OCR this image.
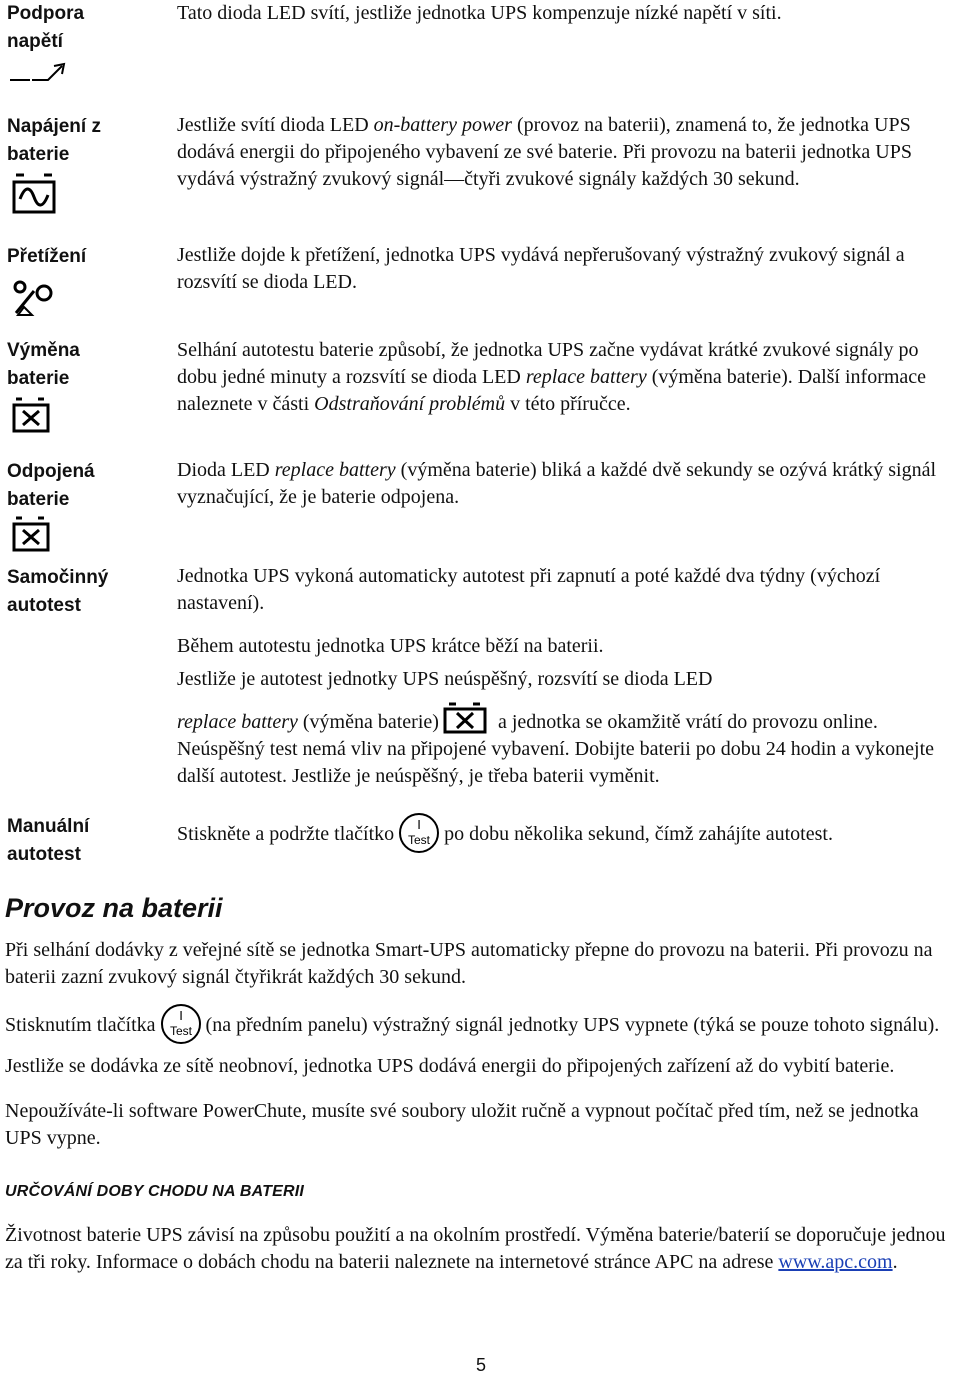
Podpora napětí
Napájení z baterie
Přetížení
Výměna baterie
Odpojená baterie
Samočinný autotest
Manuální autotest
Tato dioda LED svítí, jestliže jednotka UPS kompenzuje nízké napětí v síti.
Jestliže svítí dioda LED on-battery power (provoz na baterii), znamená to, že jednotka UPS dodává energii do připojeného vybavení ze své baterie. Při provozu na baterii jednotka UPS vydává výstražný zvukový signál—čtyři zvukové signály každých 30 sekund.
Jestliže dojde k přetížení, jednotka UPS vydává nepřerušovaný výstražný zvukový signál a rozsvítí se dioda LED.
Selhání autotestu baterie způsobí, že jednotka UPS začne vydávat krátké zvukové signály po dobu jedné minuty a rozsvítí se dioda LED replace battery (výměna baterie). Další informace naleznete v části Odstraňování problémů v této příručce.
Dioda LED replace battery (výměna baterie) bliká a každé dvě sekundy se ozývá krátký signál vyznačující, že je baterie odpojena.
Jednotka UPS vykoná automaticky autotest při zapnutí a poté každé dva týdny (výchozí nastavení).
Během autotestu jednotka UPS krátce běží na baterii.
Jestliže je autotest jednotky UPS neúspěšný, rozsvítí se dioda LED
replace battery (výměna baterie)	a jednotka se okamžitě vrátí do provozu online. Neúspěšný test nemá vliv na připojené vybavení. Dobijte baterii po dobu 24 hodin a vykonejte další autotest. Jestliže je neúspěšný, je třeba baterii vyměnit.
Stiskněte a podržte tlačítko I
Test po dobu několika sekund, čímž zahájíte autotest.
Provoz na baterii
Při selhání dodávky z veřejné sítě se jednotka Smart-UPS automaticky přepne do provozu na baterii. Při provozu na baterii zazní zvukový signál čtyřikrát každých 30 sekund.
Stisknutím tlačítka I
Test (na předním panelu) výstražný signál jednotky UPS vypnete (týká se pouze tohoto signálu). Jestliže se dodávka ze sítě neobnoví, jednotka UPS dodává energii do připojených zařízení až do vybití baterie.
Nepoužíváte-li software PowerChute, musíte své soubory uložit ručně a vypnout počítač před tím, než se jednotka UPS vypne.
URČOVÁNÍ DOBY CHODU NA BATERII
Životnost baterie UPS závisí na způsobu použití a na okolním prostředí. Výměna baterie/baterií se doporučuje jednou za tři roky. Informace o dobách chodu na baterii naleznete na internetové stránce APC na adrese www.apc.com.
5
